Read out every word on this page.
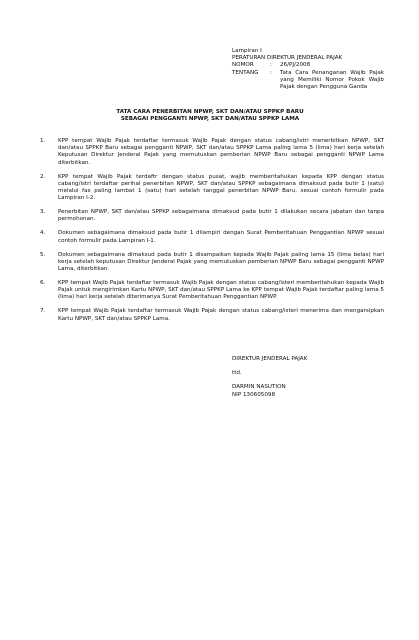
Lampiran I
PERATURAN DIREKTUR JENDERAL PAJAK
NOMOR	:	26/PJ/2008
TENTANG	:	Tata Cara Penanganan Wajib Pajak yang Memiliki Nomor Pokok Wajib Pajak dengan Pengguna Ganda
TATA CARA PENERBITAN NPWP, SKT DAN/ATAU SPPKP BARU
SEBAGAI PENGGANTI NPWP, SKT DAN/ATAU SPPKP LAMA
1.	KPP tempat Wajib Pajak terdaftar termasuk Wajib Pajak dengan status cabang/istri menerbitkan NPWP, SKT dan/atau SPPKP Baru sebagai pengganti NPWP, SKT dan/atau SPPKP Lama paling lama 5 (lima) hari kerja setelah Keputusan Direktur Jenderal Pajak yang memutuskan pemberian NPWP Baru sebagai pengganti NPWP Lama diterbitkan.
2.	KPP tempat Wajib Pajak terdaftr dengan status pusat, wajib memberitahukan kepada KPP dengan status cabang/istri terdaftar perihal penerbitan NPWP, SKT dan/atau SPPKP sebagaimana dimaksud pada butir 1 (satu) melalui fax paling lambat 1 (satu) hari setelah tanggal penerbitan NPWP Baru, sesuai contoh formulir pada Lampiran I-2.
3.	Penerbitan NPWP, SKT dan/atau SPPKP sebagaimana dimaksud pada butir 1 dilakukan secara jabatan dan tanpa permohonan.
4.	Dokumen sebagaimana dimaksud pada butir 1 dilampiri dengan Surat Pemberitahuan Penggantian NPWP sesuai contoh formulir pada Lampiran I-1.
5.	Dokumen sebagaimana dimaksud pada butir 1 disampaikan kepada Wajib Pajak paling lama 15 (lima belas) hari kerja setelah keputusan Direktur Jenderal Pajak yang memutuskan pemberian NPWP Baru sebagai pengganti NPWP Lama, diterbitkan.
6.	KPP tempat Wajib Pajak terdaftar termasuk Wajib Pajak dengan status cabang/isteri memberitahukan kepada Wajib Pajak untuk mengirimkan Kartu NPWP, SKT dan/atau SPPKP Lama ke KPP tempat Wajib Pajak terdaftar paling lama 5 (lima) hari kerja setelah diterimanya Surat Pemberitahuan Penggantian NPWP.
7.	KPP tempat Wajib Pajak terdaftar termasuk Wajib Pajak dengan status cabang/isteri menerima dan mengarsipkan Kartu NPWP, SKT dan/atau SPPKP Lama.
DIREKTUR JENDERAL PAJAK
ttd.
DARMIN NASUTION
NIP 130605098
